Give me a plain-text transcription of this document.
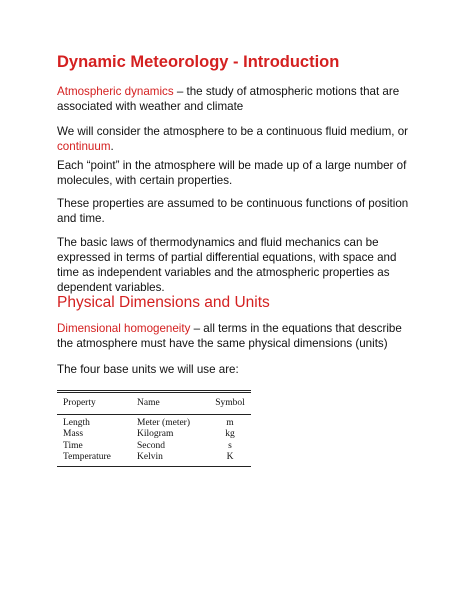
Dynamic Meteorology - Introduction
Atmospheric dynamics – the study of atmospheric motions that are associated with weather and climate
We will consider the atmosphere to be a continuous fluid medium, or continuum.
Each “point” in the atmosphere will be made up of a large number of molecules, with certain properties.
These properties are assumed to be continuous functions of position and time.
The basic laws of thermodynamics and fluid mechanics can be expressed in terms of partial differential equations, with space and time as independent variables and the atmospheric properties as dependent variables.
Physical Dimensions and Units
Dimensional homogeneity – all terms in the equations that describe the atmosphere must have the same physical dimensions (units)
The four base units we will use are:
Property	Name	Symbol
Length	Meter (meter)	m
Mass	Kilogram	kg
Time	Second	s
Temperature	Kelvin	K
